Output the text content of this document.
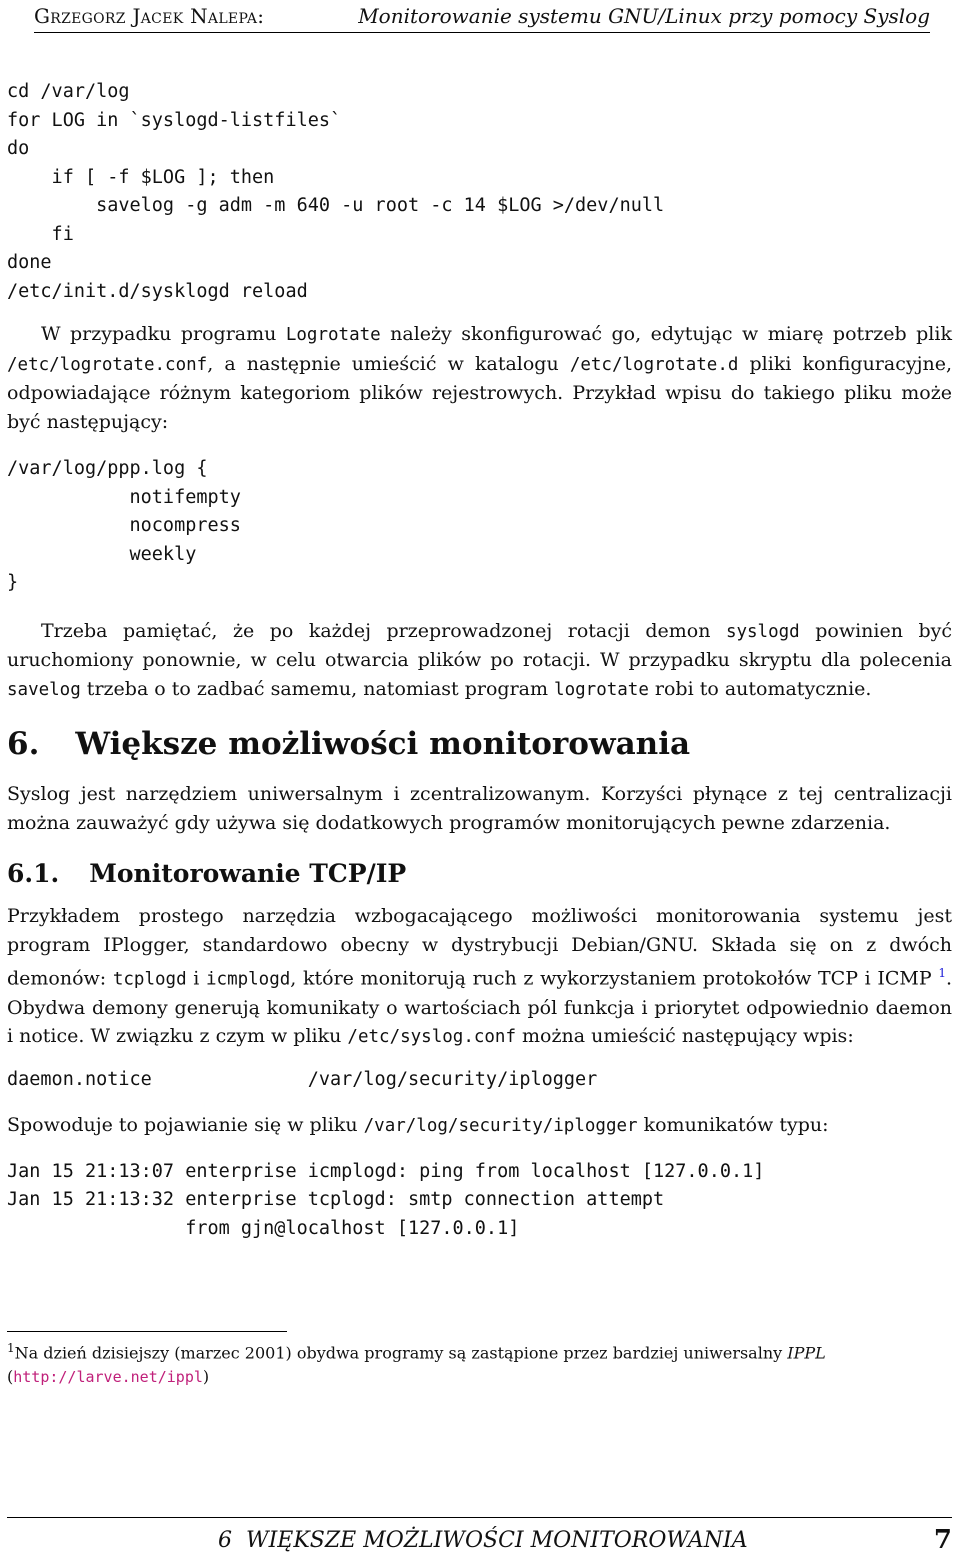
Grzegorz Jacek Nalepa:	Monitorowanie systemu GNU/Linux przy pomocy Syslog
cd /var/log
for LOG in `syslogd-listfiles`
do
if [ -f $LOG ]; then
savelog -g adm -m 640 -u root -c 14 $LOG >/dev/null
fi
done
/etc/init.d/sysklogd reload

W przypadku programu Logrotate należy skonfigurować go, edytując w miarę potrzeb plik /etc/logrotate.conf, a następnie umieścić w katalogu /etc/logrotate.d pliki konfiguracyjne, odpowiadające różnym kategoriom plików rejestrowych. Przykład wpisu do takiego pliku może być następujący:

/var/log/ppp.log {
notifempty
nocompress
weekly
}

Trzeba pamiętać, że po każdej przeprowadzonej rotacji demon syslogd powinien być uruchomiony ponownie, w celu otwarcia plików po rotacji. W przypadku skryptu dla polecenia savelog trzeba o to zadbać samemu, natomiast program logrotate robi to automatycznie.

6. Większe możliwości monitorowania

Syslog jest narzędziem uniwersalnym i zcentralizowanym. Korzyści płynące z tej centralizacji można zauważyć gdy używa się dodatkowych programów monitorujących pewne zdarzenia.

6.1. Monitorowanie TCP/IP

Przykładem prostego narzędzia wzbogacającego możliwości monitorowania systemu jest program IPlogger, standardowo obecny w dystrybucji Debian/GNU. Składa się on z dwóch demonów: tcplogd i icmplogd, które monitorują ruch z wykorzystaniem protokołów TCP i ICMP $^1$. Obydwa demony generują komunikaty o wartościach pól funkcja i priorytet odpowiednio daemon i notice. W związku z czym w pliku /etc/syslog.conf można umieścić następujący wpis:

daemon.notice              /var/log/security/iplogger

Spowoduje to pojawianie się w pliku /var/log/security/iplogger komunikatów typu:

Jan 15 21:13:07 enterprise icmplogd: ping from localhost [127.0.0.1]
Jan 15 21:13:32 enterprise tcplogd: smtp connection attempt
from gjn@localhost [127.0.0.1]
$^1$Na dzień dzisiejszy (marzec 2001) obydwa programy są zastąpione przez bardziej uniwersalny IPPL (http://larve.net/ippl)
6 WIĘKSZE MOŻLIWOŚCI MONITOROWANIA	7
